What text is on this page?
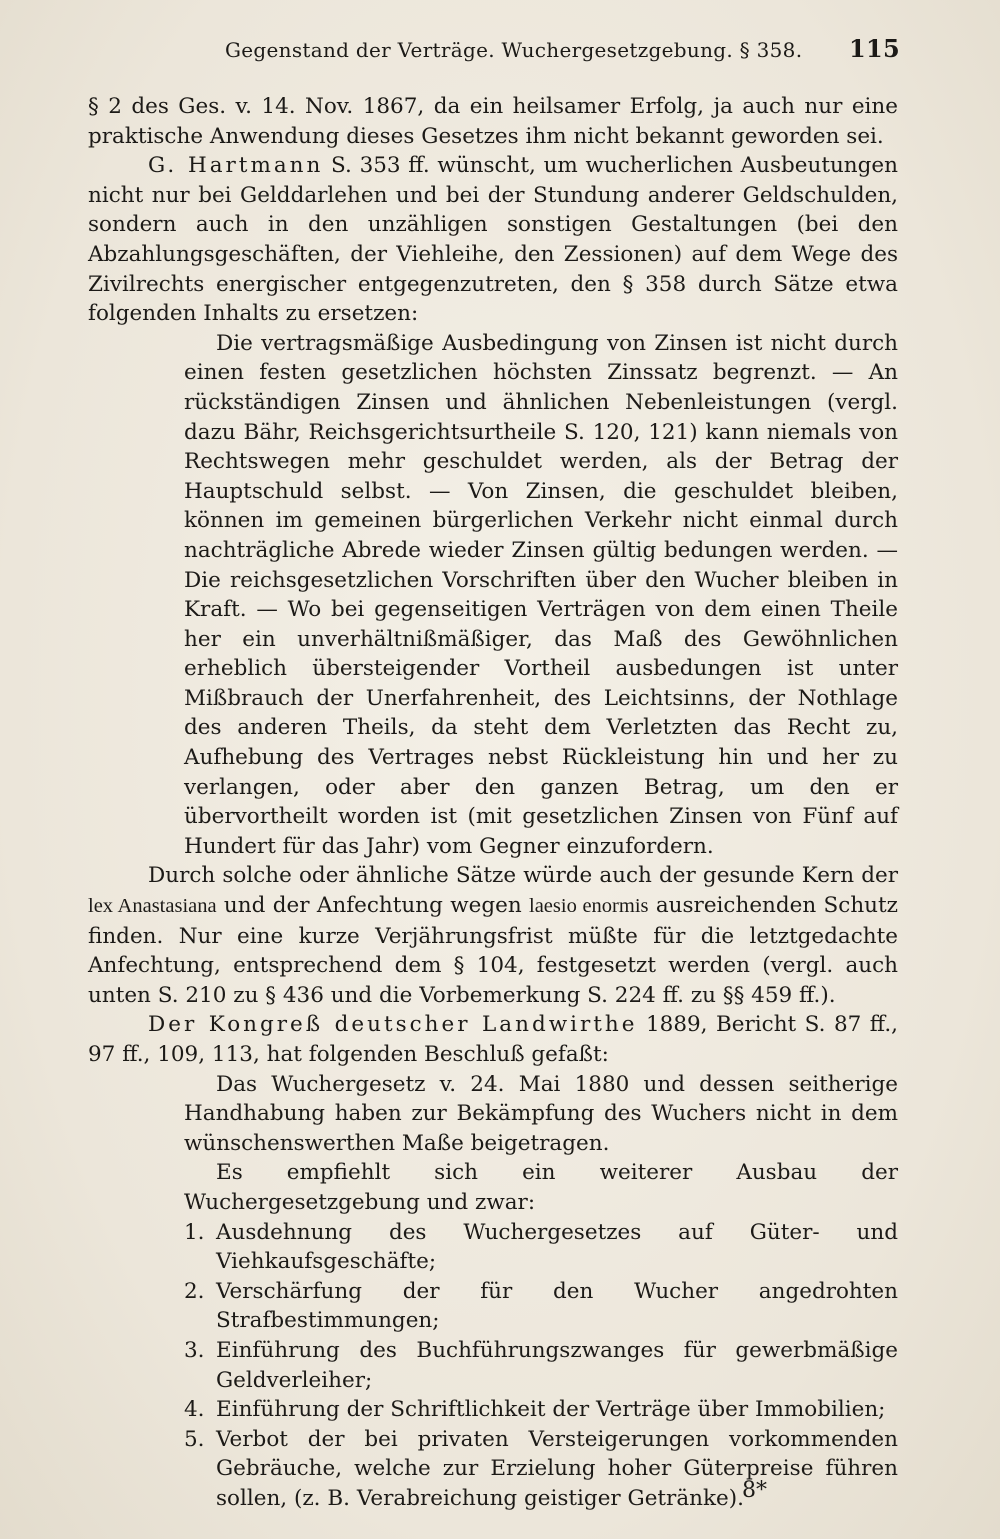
Gegenstand der Verträge. Wuchergesetzgebung. § 358. 115

§ 2 des Ges. v. 14. Nov. 1867, da ein heilsamer Erfolg, ja auch nur eine praktische Anwendung dieses Gesetzes ihm nicht bekannt geworden sei.

G. Hartmann S. 353 ff. wünscht, um wucherlichen Ausbeutungen nicht nur bei Gelddarlehen und bei der Stundung anderer Geldschulden, sondern auch in den unzähligen sonstigen Gestaltungen (bei den Abzahlungsgeschäften, der Viehleihe, den Zessionen) auf dem Wege des Zivilrechts energischer entgegenzutreten, den § 358 durch Sätze etwa folgenden Inhalts zu ersetzen:

Die vertragsmäßige Ausbedingung von Zinsen ist nicht durch einen festen gesetzlichen höchsten Zinssatz begrenzt. — An rückständigen Zinsen und ähnlichen Nebenleistungen (vergl. dazu Bähr, Reichsgerichtsurtheile S. 120, 121) kann niemals von Rechtswegen mehr geschuldet werden, als der Betrag der Hauptschuld selbst. — Von Zinsen, die geschuldet bleiben, können im gemeinen bürgerlichen Verkehr nicht einmal durch nachträgliche Abrede wieder Zinsen gültig bedungen werden. — Die reichsgesetzlichen Vorschriften über den Wucher bleiben in Kraft. — Wo bei gegenseitigen Verträgen von dem einen Theile her ein unverhältnißmäßiger, das Maß des Gewöhnlichen erheblich übersteigender Vortheil ausbedungen ist unter Mißbrauch der Unerfahrenheit, des Leichtsinns, der Nothlage des anderen Theils, da steht dem Verletzten das Recht zu, Aufhebung des Vertrages nebst Rückleistung hin und her zu verlangen, oder aber den ganzen Betrag, um den er übervortheilt worden ist (mit gesetzlichen Zinsen von Fünf auf Hundert für das Jahr) vom Gegner einzufordern.

Durch solche oder ähnliche Sätze würde auch der gesunde Kern der lex Anastasiana und der Anfechtung wegen laesio enormis ausreichenden Schutz finden. Nur eine kurze Verjährungsfrist müßte für die letztgedachte Anfechtung, entsprechend dem § 104, festgesetzt werden (vergl. auch unten S. 210 zu § 436 und die Vorbemerkung S. 224 ff. zu §§ 459 ff.).

Der Kongreß deutscher Landwirthe 1889, Bericht S. 87 ff., 97 ff., 109, 113, hat folgenden Beschluß gefaßt:

Das Wuchergesetz v. 24. Mai 1880 und dessen seitherige Handhabung haben zur Bekämpfung des Wuchers nicht in dem wünschenswerthen Maße beigetragen.

Es empfiehlt sich ein weiterer Ausbau der Wuchergesetzgebung und zwar:

1. Ausdehnung des Wuchergesetzes auf Güter- und Viehkaufsgeschäfte;
2. Verschärfung der für den Wucher angedrohten Strafbestimmungen;
3. Einführung des Buchführungszwanges für gewerbmäßige Geldverleiher;
4. Einführung der Schriftlichkeit der Verträge über Immobilien;
5. Verbot der bei privaten Versteigerungen vorkommenden Gebräuche, welche zur Erzielung hoher Güterpreise führen sollen, (z. B. Verabreichung geistiger Getränke).
8*
